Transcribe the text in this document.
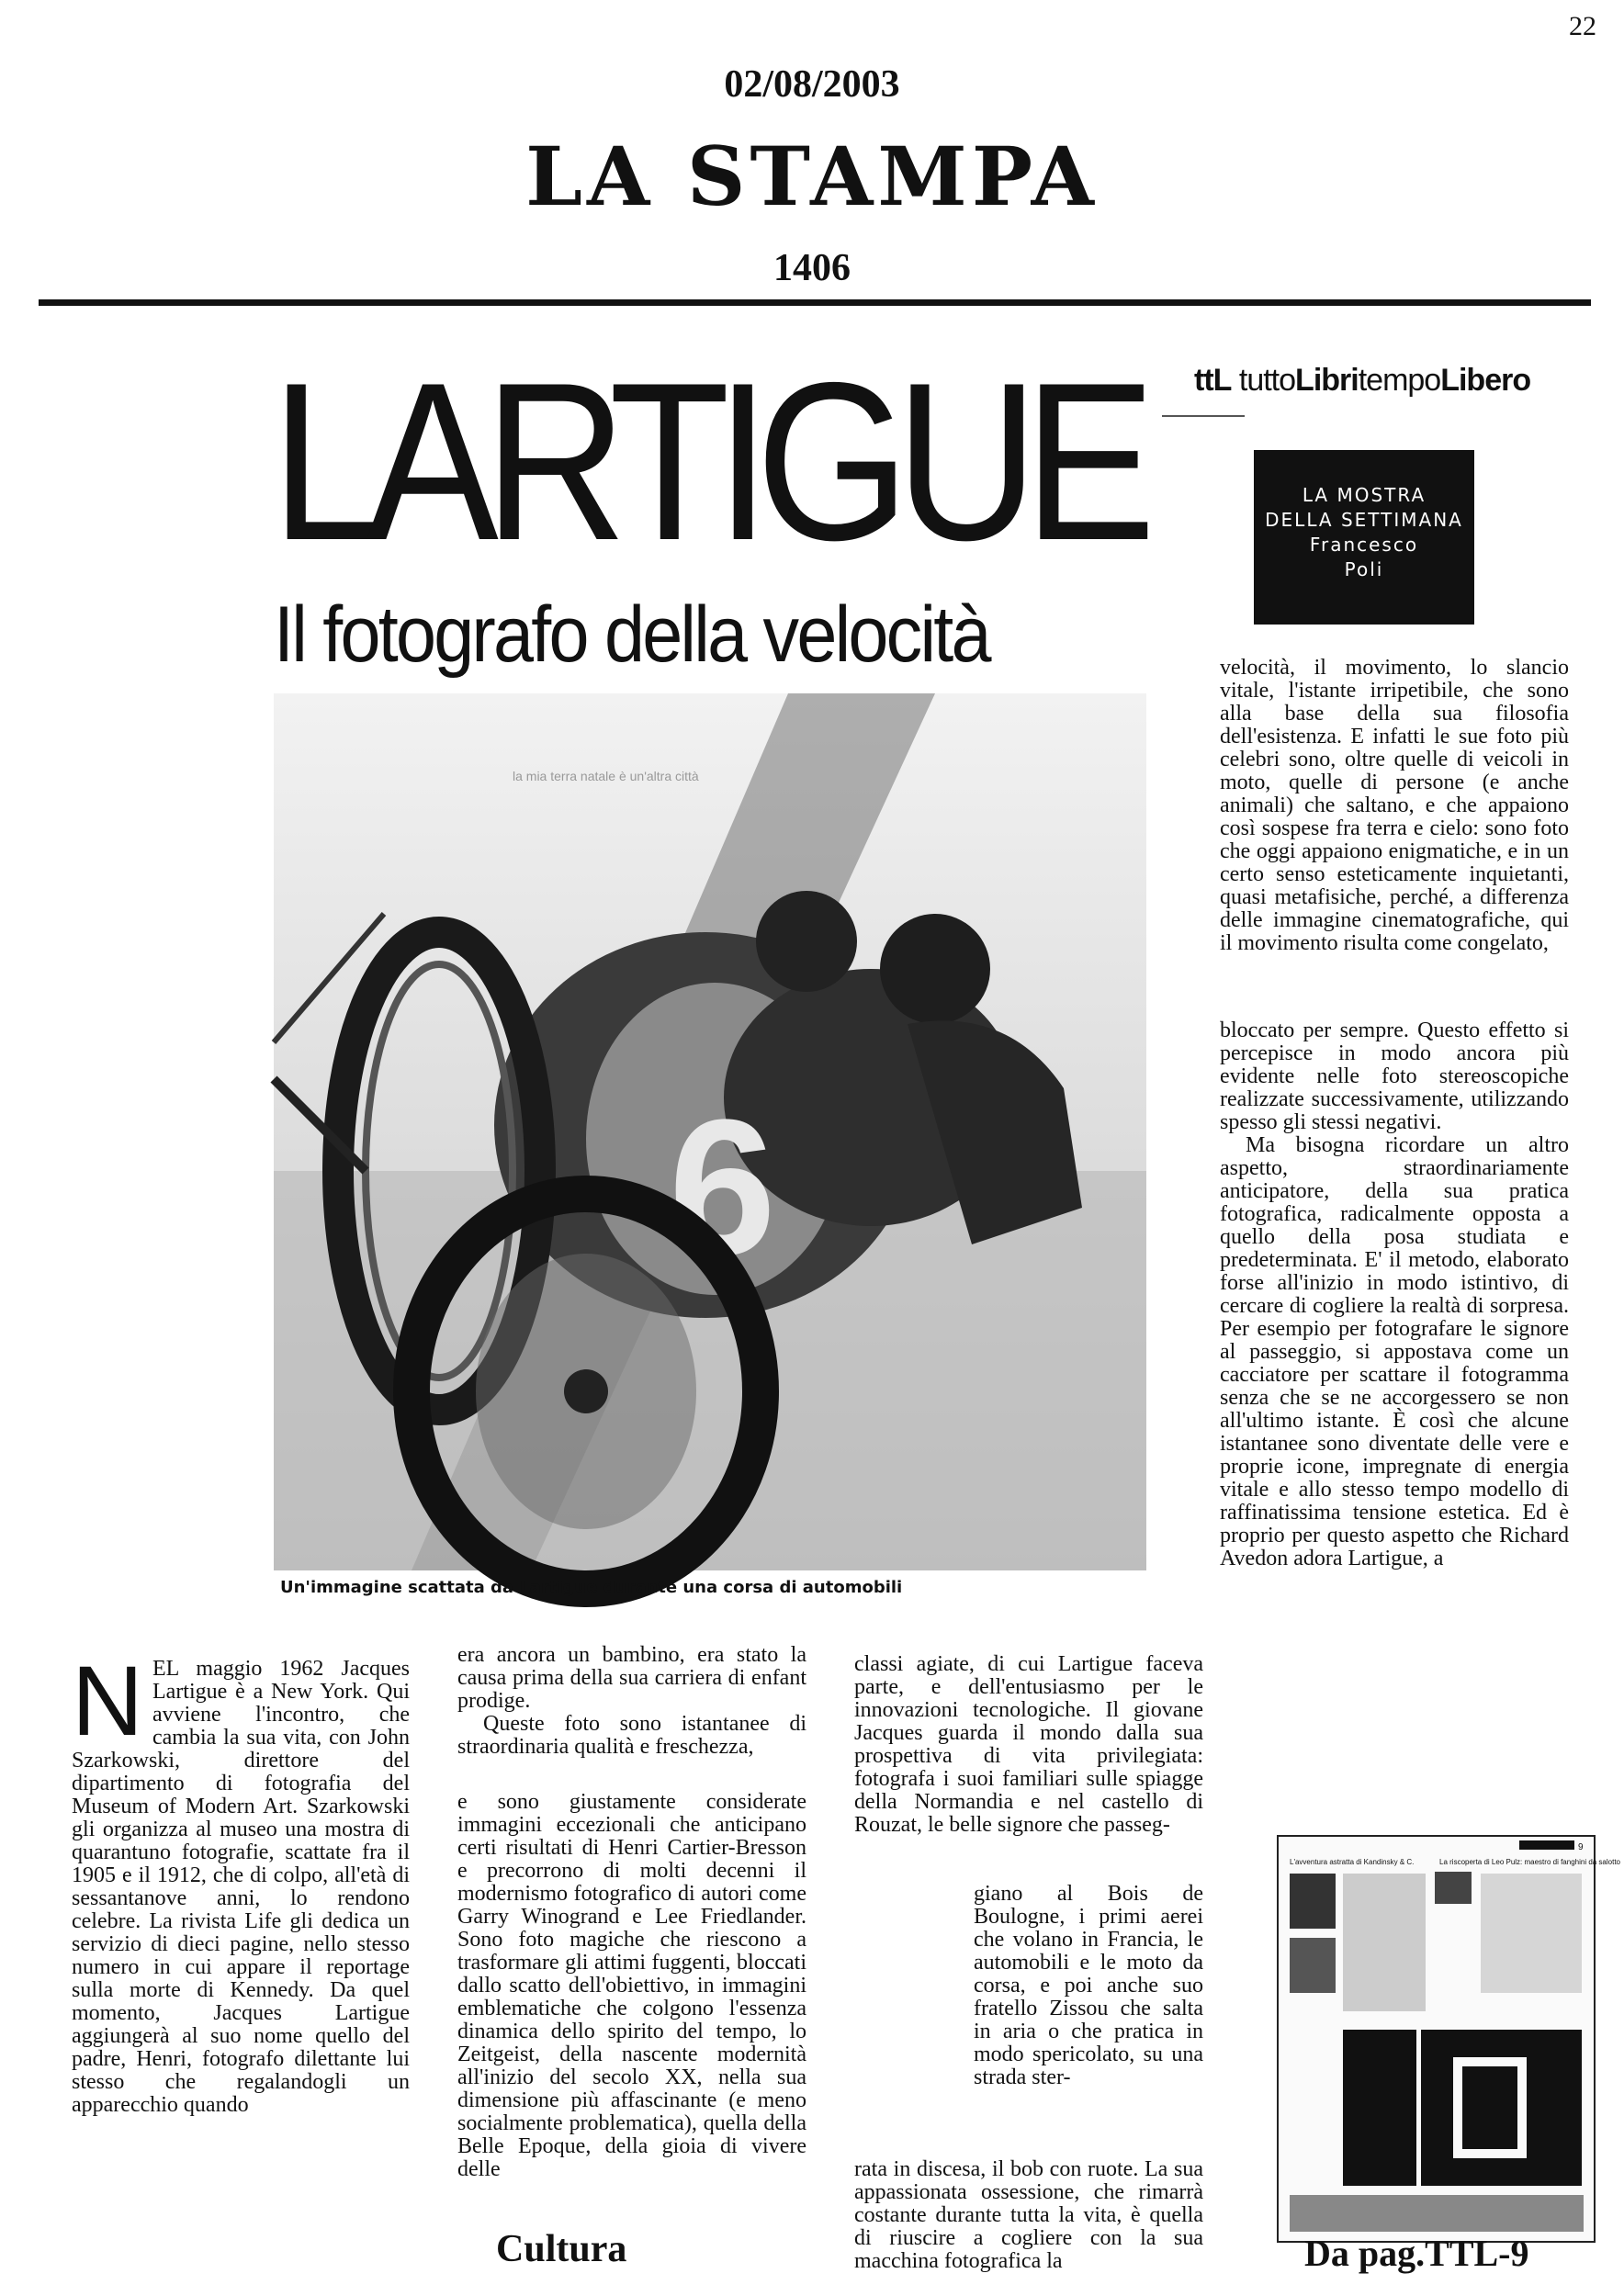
22
02/08/2003
LA STAMPA
1406
LARTIGUE
Il fotografo della velocità
ttL tuttoLibritempoLibero
LA MOSTRA
DELLA SETTIMANA
Francesco
Poli
la mia terra natale è un'altra città
6
Un'immagine scattata da Lartigue durante una corsa di automobili

velocità, il movimento, lo slancio vitale, l'istante irripetibile, che sono alla base della sua filosofia dell'esistenza. E infatti le sue foto più celebri sono, oltre quelle di veicoli in moto, quelle di persone (e anche animali) che saltano, e che appaiono così sospese fra terra e cielo: sono foto che oggi appaiono enigmatiche, e in un certo senso esteticamente inquietanti, quasi metafisiche, perché, a differenza delle immagine cinematografiche, qui il movimento risulta come congelato,

bloccato per sempre. Questo effetto si percepisce in modo ancora più evidente nelle foto stereoscopiche realizzate successivamente, utilizzando spesso gli stessi negativi.

Ma bisogna ricordare un altro aspetto, straordinariamente anticipatore, della sua pratica fotografica, radicalmente opposta a quello della posa studiata e predeterminata. E' il metodo, elaborato forse all'inizio in modo istintivo, di cercare di cogliere la realtà di sorpresa. Per esempio per fotografare le signore al passeggio, si appostava come un cacciatore per scattare il fotogramma senza che se ne accorgessero se non all'ultimo istante. È così che alcune istantanee sono diventate delle vere e proprie icone, impregnate di energia vitale e allo stesso tempo modello di raffinatissima tensione estetica. Ed è proprio per questo aspetto che Richard Avedon adora Lartigue, a

N EL maggio 1962 Jacques Lartigue è a New York. Qui avviene l'incontro, che cambia la sua vita, con John Szarkowski, direttore del dipartimento di fotografia del Museum of Modern Art. Szarkowski gli organizza al museo una mostra di quarantuno fotografie, scattate fra il 1905 e il 1912, che di colpo, all'età di sessantanove anni, lo rendono celebre. La rivista Life gli dedica un servizio di dieci pagine, nello stesso numero in cui appare il reportage sulla morte di Kennedy. Da quel momento, Jacques Lartigue aggiungerà al suo nome quello del padre, Henri, fotografo dilettante lui stesso che regalandogli un apparecchio quando

era ancora un bambino, era stato la causa prima della sua carriera di enfant prodige.

Queste foto sono istantanee di straordinaria qualità e freschezza,

e sono giustamente considerate immagini eccezionali che anticipano certi risultati di Henri Cartier-Bresson e precorrono di molti decenni il modernismo fotografico di autori come Garry Winogrand e Lee Friedlander. Sono foto magiche che riescono a trasformare gli attimi fuggenti, bloccati dallo scatto dell'obiettivo, in immagini emblematiche che colgono l'essenza dinamica dello spirito del tempo, lo Zeitgeist, della nascente modernità all'inizio del secolo XX, nella sua dimensione più affascinante (e meno socialmente problematica), quella della Belle Epoque, della gioia di vivere delle

classi agiate, di cui Lartigue faceva parte, e dell'entusiasmo per le innovazioni tecnologiche. Il giovane Jacques guarda il mondo dalla sua prospettiva di vita privilegiata: fotografa i suoi familiari sulle spiagge della Normandia e nel castello di Rouzat, le belle signore che passeg-

giano al Bois de Boulogne, i primi aerei che volano in Francia, le automobili e le moto da corsa, e poi anche suo fratello Zissou che salta in aria o che pratica in modo spericolato, su una strada ster-

rata in discesa, il bob con ruote. La sua appassionata ossessione, che rimarrà costante durante tutta la vita, è quella di riuscire a cogliere con la sua macchina fotografica la

9
L'avventura astratta di Kandinsky & C.	La riscoperta di Leo Pulz: maestro di fanghini da salotto
Cultura	Da pag.TTL-9
